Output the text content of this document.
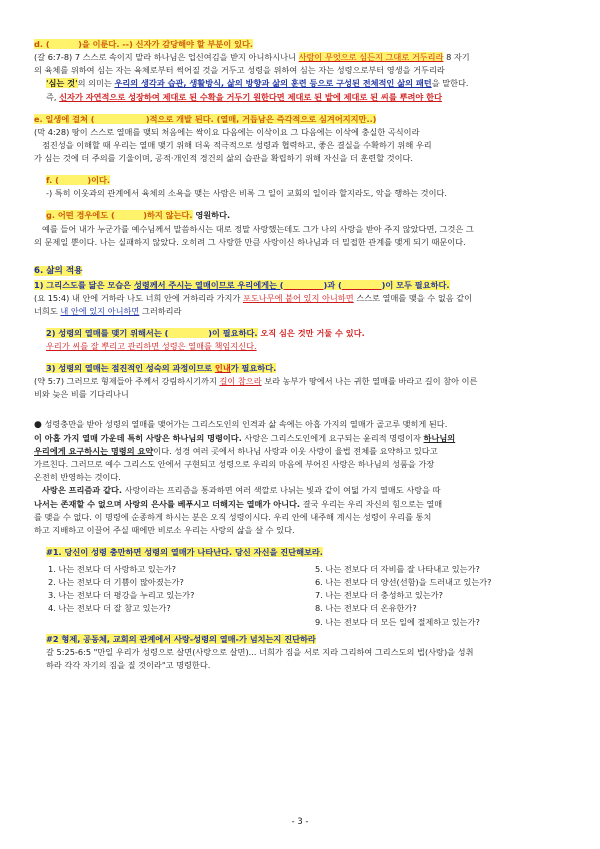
d. (	)을 이룬다. --) 신자가 감당해야 할 부분이 있다.

(갈 6:7-8) 7 스스로 속이지 말라 하나님은 업신여김을 받지 아니하시나니 사람이 무엇으로 심든지 그대로 거두리라 8 자기

의 육체를 위하여 심는 자는 육체로부터 썩어질 것을 거두고 성령을 위하여 심는 자는 성령으로부터 영생을 거두리라

'심는 것'의 의미는 우리의 생각과 습관, 생활방식, 삶의 방향과 삶의 훈련 등으로 구성된 전체적인 삶의 패턴을 말한다.

즉, 신자가 자연적으로 성장하여 제대로 된 수확을 거두기 원한다면 제대로 된 밭에 제대로 된 씨를 뿌려야 한다

e. 일생에 걸쳐 (	)적으로 개발 된다. (열매, 거듭남은 즉각적으로 심겨어지지만..)

(막 4:28) 땅이 스스로 열매를 맺되 처음에는 싹이요 다음에는 이삭이요 그 다음에는 이삭에 충실한 곡식이라

점진성을 이해할 때 우리는 열매 맺기 위해 더욱 적극적으로 성령과 협력하고, 좋은 결실을 수확하기 위해 우리

가 심는 것에 더 주의를 기울이며, 공적·개인적 경건의 삶의 습관을 확립하기 위해 자신을 더 훈련할 것이다.

f. (	)이다.

-) 특히 이웃과의 관계에서 육체의 소욕을 맺는 사람은 비록 그 일이 교회의 일이라 할지라도, 악을 행하는 것이다.

g. 어떤 경우에도 (	)하지 않는다. 영원하다.

예를 들어 내가 누군가를 예수님께서 말씀하시는 대로 정말 사랑했는데도 그가 나의 사랑을 받아 주지 않았다면, 그것은 그

의 문제일 뿐이다. 나는 실패하지 않았다. 오히려 그 사랑한 만큼 사랑이신 하나님과 더 밀접한 관계를 맺게 되기 때문이다.

6. 삶의 적용

1) 그리스도를 닮은 모습은 성령께서 주시는 열매이므로 우리에게는 (	)과 (	)이 모두 필요하다.

(요 15:4) 내 안에 거하라 나도 너희 안에 거하리라 가지가 포도나무에 붙어 있지 아니하면 스스로 열매를 맺을 수 없음 같이

너희도 내 안에 있지 아니하면 그러하리라

2) 성령의 열매를 맺기 위해서는 (	)이 필요하다. 오직 심은 것만 거둘 수 있다.

우리가 씨를 잘 뿌리고 관리하면 성령은 열매를 책임지신다.

3) 성령의 열매는 점진적인 성숙의 과정이므로 인내가 필요하다.

(약 5:7) 그러므로 형제들아 주께서 강림하시기까지 길이 참으라 보라 농부가 땅에서 나는 귀한 열매를 바라고 길이 참아 이른

비와 늦은 비를 기다리나니

● 성령충만을 받아 성령의 열매를 맺어가는 그리스도인의 인격과 삶 속에는 아홉 가지의 열매가 골고루 맺히게 된다.

이 아홉 가지 열매 가운데 특히 사랑은 하나님의 명령이다. 사랑은 그리스도인에게 요구되는 윤리적 명령이자 하나님의

우리에게 요구하시는 명령의 요약이다. 성경 여러 곳에서 하나님 사랑과 이웃 사랑이 율법 전체를 요약하고 있다고

가르친다. 그러므로 예수 그리스도 안에서 구현되고 성령으로 우리의 마음에 부어진 사랑은 하나님의 성품을 가장

온전히 반영하는 것이다.

사랑은 프리즘과 같다. 사랑이라는 프리즘을 통과하면 여러 색깔로 나뉘는 빛과 같이 여덟 가지 열매도 사랑을 따

나서는 존재할 수 없으며 사랑의 은사를 베푸시고 더해지는 열매가 아니다. 결국 우리는 우리 자신의 힘으로는 열매

를 맺을 수 없다. 이 명령에 순종하게 하시는 분은 오직 성령이시다. 우리 안에 내주해 계시는 성령이 우리를 통치

하고 지배하고 이끌어 주실 때에만 비로소 우리는 사랑의 삶을 살 수 있다.

#1. 당신이 성령 충만하면 성령의 열매가 나타난다. 당신 자신을 진단해보라.

1. 나는 전보다 더 사랑하고 있는가?
2. 나는 전보다 더 기쁨이 많아졌는가?
3. 나는 전보다 더 평강을 누리고 있는가?
4. 나는 전보다 더 잘 참고 있는가?
5. 나는 전보다 더 자비를 잘 나타내고 있는가?
6. 나는 전보다 더 양선(선함)을 드러내고 있는가?
7. 나는 전보다 더 충성하고 있는가?
8. 나는 전보다 더 온유한가?
9. 나는 전보다 더 모든 일에 절제하고 있는가?

#2 형제, 공동체, 교회의 관계에서 사랑-성령의 열매-가 넘치는지 진단하라

갈 5:25-6:5 "만일 우리가 성령으로 살면(사랑으로 살면)... 너희가 짐을 서로 지라 그리하여 그리스도의 법(사랑)을 성취

하라 각각 자기의 짐을 질 것이라"고 명령한다.

- 3 -
